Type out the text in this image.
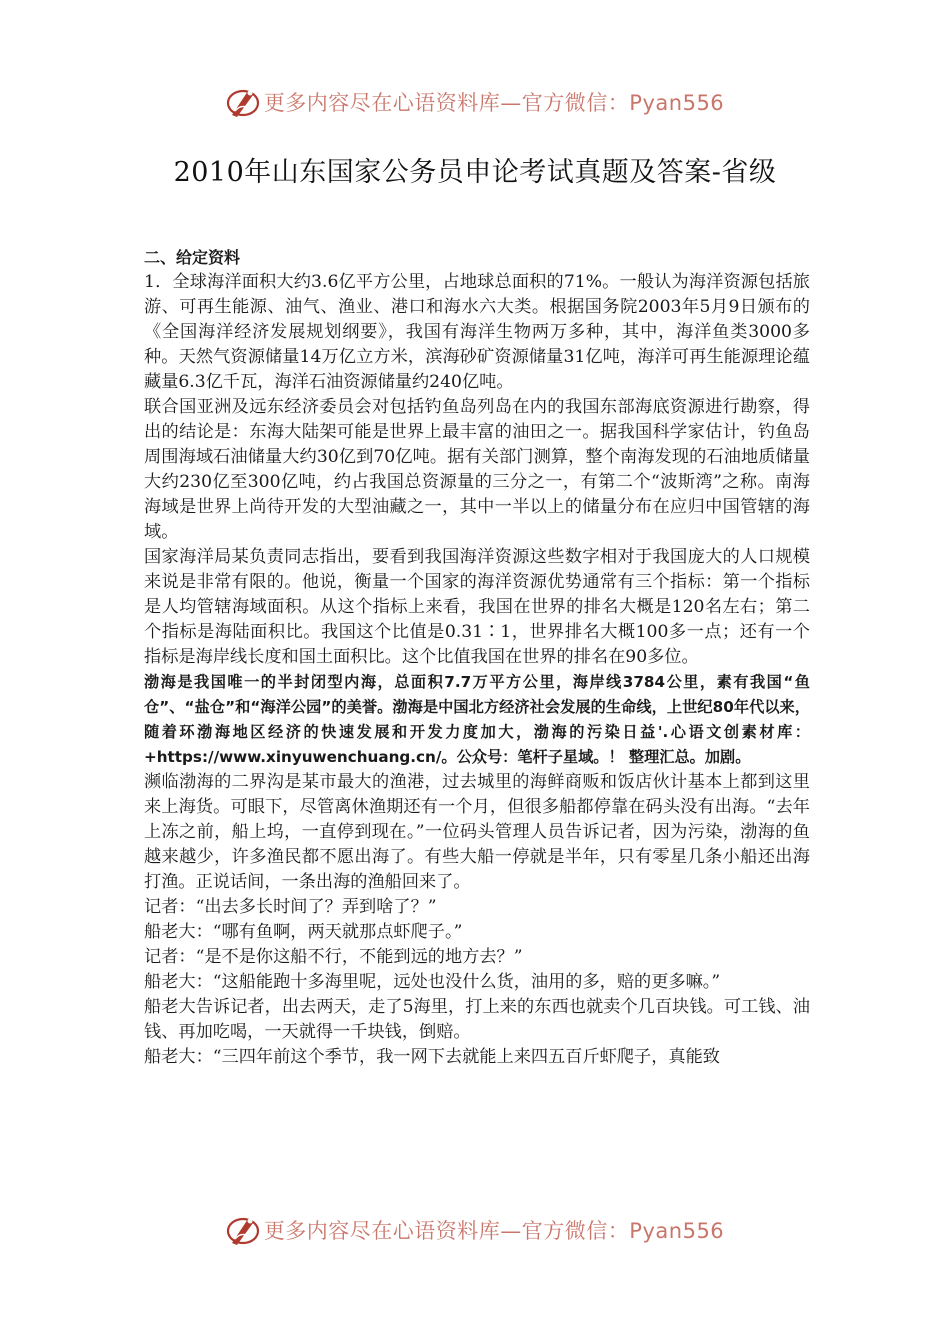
更多内容尽在心语资料库—官方微信：Pyan556
2010年山东国家公务员申论考试真题及答案-省级

二、给定资料

1．全球海洋面积大约3.6亿平方公里，占地球总面积的71%。一般认为海洋资源包括旅游、可再生能源、油气、渔业、港口和海水六大类。根据国务院2003年5月9日颁布的《全国海洋经济发展规划纲要》，我国有海洋生物两万多种，其中，海洋鱼类3000多种。天然气资源储量14万亿立方米，滨海砂矿资源储量31亿吨，海洋可再生能源理论蕴藏量6.3亿千瓦，海洋石油资源储量约240亿吨。

联合国亚洲及远东经济委员会对包括钓鱼岛列岛在内的我国东部海底资源进行勘察，得出的结论是：东海大陆架可能是世界上最丰富的油田之一。据我国科学家估计，钓鱼岛周围海域石油储量大约30亿到70亿吨。据有关部门测算，整个南海发现的石油地质储量大约230亿至300亿吨，约占我国总资源量的三分之一，有第二个“波斯湾”之称。南海海域是世界上尚待开发的大型油藏之一，其中一半以上的储量分布在应归中国管辖的海域。

国家海洋局某负责同志指出，要看到我国海洋资源这些数字相对于我国庞大的人口规模来说是非常有限的。他说，衡量一个国家的海洋资源优势通常有三个指标：第一个指标是人均管辖海域面积。从这个指标上来看，我国在世界的排名大概是120名左右；第二个指标是海陆面积比。我国这个比值是0.31∶1，世界排名大概100多一点；还有一个指标是海岸线长度和国土面积比。这个比值我国在世界的排名在90多位。

渤海是我国唯一的半封闭型内海，总面积7.7万平方公里，海岸线3784公里，素有我国“鱼仓”、“盐仓”和“海洋公园”的美誉。渤海是中国北方经济社会发展的生命线，上世纪80年代以来，随着环渤海地区经济的快速发展和开发力度加大，渤海的污染日益'.心语文创素材库：+https://www.xinyuwenchuang.cn/。公众号：笔杆子星域。！ 整理汇总。加剧。

濒临渤海的二界沟是某市最大的渔港，过去城里的海鲜商贩和饭店伙计基本上都到这里来上海货。可眼下，尽管离休渔期还有一个月，但很多船都停靠在码头没有出海。“去年上冻之前，船上坞，一直停到现在。”一位码头管理人员告诉记者，因为污染，渤海的鱼越来越少，许多渔民都不愿出海了。有些大船一停就是半年，只有零星几条小船还出海打渔。正说话间，一条出海的渔船回来了。

记者：“出去多长时间了？弄到啥了？”

船老大：“哪有鱼啊，两天就那点虾爬子。”

记者：“是不是你这船不行，不能到远的地方去？”

船老大：“这船能跑十多海里呢，远处也没什么货，油用的多，赔的更多嘛。”

船老大告诉记者，出去两天，走了5海里，打上来的东西也就卖个几百块钱。可工钱、油钱、再加吃喝，一天就得一千块钱，倒赔。

船老大：“三四年前这个季节，我一网下去就能上来四五百斤虾爬子，真能致

更多内容尽在心语资料库—官方微信：Pyan556
